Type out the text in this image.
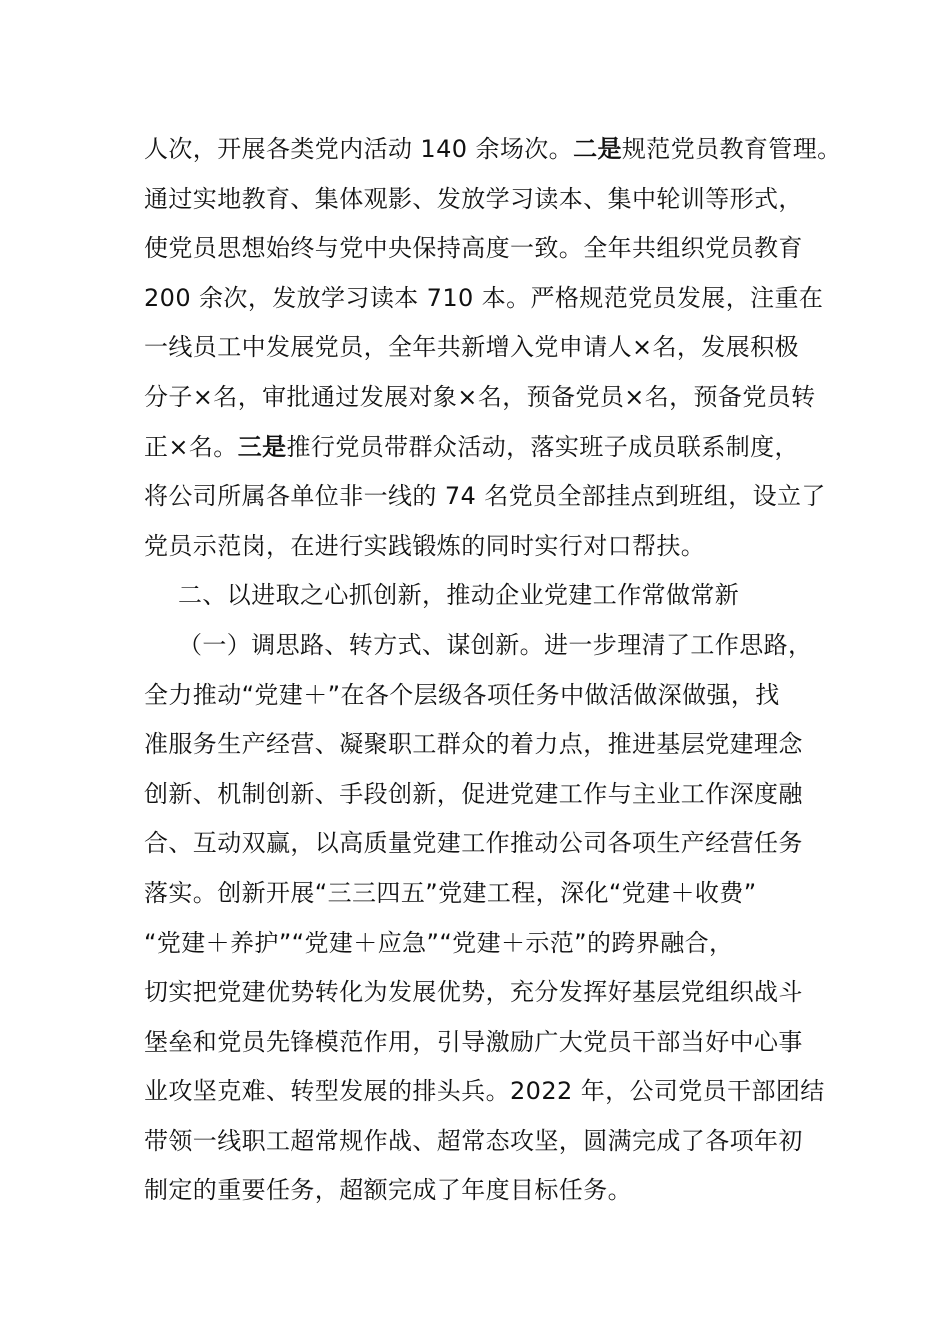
人次，开展各类党内活动 140 余场次。二是规范党员教育管理。
通过实地教育、集体观影、发放学习读本、集中轮训等形式，
使党员思想始终与党中央保持高度一致。全年共组织党员教育
200 余次，发放学习读本 710 本。严格规范党员发展，注重在
一线员工中发展党员，全年共新增入党申请人×名，发展积极
分子×名，审批通过发展对象×名，预备党员×名，预备党员转
正×名。三是推行党员带群众活动，落实班子成员联系制度，
将公司所属各单位非一线的 74 名党员全部挂点到班组，设立了
党员示范岗，在进行实践锻炼的同时实行对口帮扶。
二、以进取之心抓创新，推动企业党建工作常做常新
（一）调思路、转方式、谋创新。进一步理清了工作思路，
全力推动“党建＋”在各个层级各项任务中做活做深做强，找
准服务生产经营、凝聚职工群众的着力点，推进基层党建理念
创新、机制创新、手段创新，促进党建工作与主业工作深度融
合、互动双赢，以高质量党建工作推动公司各项生产经营任务
落实。创新开展“三三四五”党建工程，深化“党建＋收费”
“党建＋养护”“党建＋应急”“党建＋示范”的跨界融合，
切实把党建优势转化为发展优势，充分发挥好基层党组织战斗
堡垒和党员先锋模范作用，引导激励广大党员干部当好中心事
业攻坚克难、转型发展的排头兵。2022 年，公司党员干部团结
带领一线职工超常规作战、超常态攻坚，圆满完成了各项年初
制定的重要任务，超额完成了年度目标任务。
